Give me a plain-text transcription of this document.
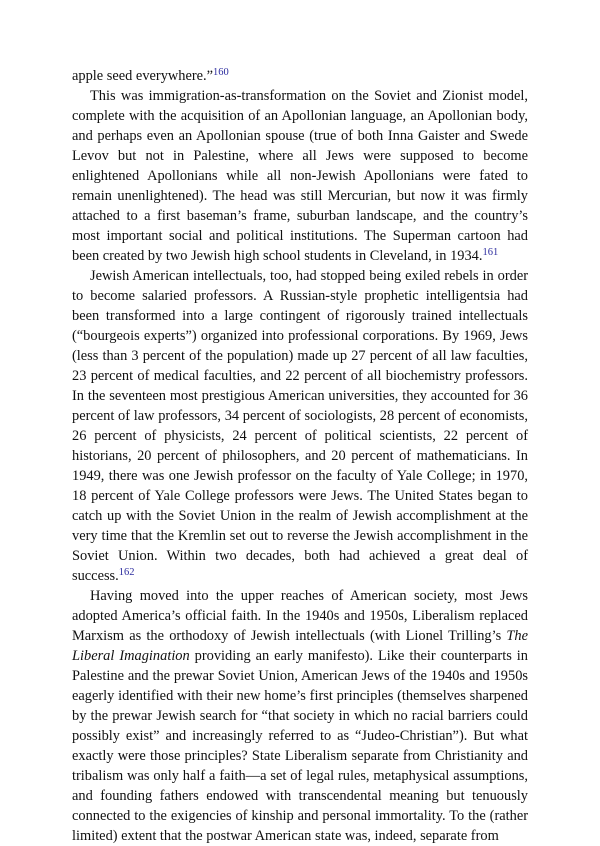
apple seed everywhere.”$^{160}$

This was immigration-as-transformation on the Soviet and Zionist model, complete with the acquisition of an Apollonian language, an Apollonian body, and perhaps even an Apollonian spouse (true of both Inna Gaister and Swede Levov but not in Palestine, where all Jews were supposed to become enlightened Apollonians while all non-Jewish Apollonians were fated to remain unenlightened). The head was still Mercurian, but now it was firmly attached to a first baseman’s frame, suburban landscape, and the country’s most important social and political institutions. The Superman cartoon had been created by two Jewish high school students in Cleveland, in 1934.$^{161}$

Jewish American intellectuals, too, had stopped being exiled rebels in order to become salaried professors. A Russian-style prophetic intelligentsia had been transformed into a large contingent of rigorously trained intellectuals (“bourgeois experts”) organized into professional corporations. By 1969, Jews (less than 3 percent of the population) made up 27 percent of all law faculties, 23 percent of medical faculties, and 22 percent of all biochemistry professors. In the seventeen most prestigious American universities, they accounted for 36 percent of law professors, 34 percent of sociologists, 28 percent of economists, 26 percent of physicists, 24 percent of political scientists, 22 percent of historians, 20 percent of philosophers, and 20 percent of mathematicians. In 1949, there was one Jewish professor on the faculty of Yale College; in 1970, 18 percent of Yale College professors were Jews. The United States began to catch up with the Soviet Union in the realm of Jewish accomplishment at the very time that the Kremlin set out to reverse the Jewish accomplishment in the Soviet Union. Within two decades, both had achieved a great deal of success.$^{162}$

Having moved into the upper reaches of American society, most Jews adopted America’s official faith. In the 1940s and 1950s, Liberalism replaced Marxism as the orthodoxy of Jewish intellectuals (with Lionel Trilling’s The Liberal Imagination providing an early manifesto). Like their counterparts in Palestine and the prewar Soviet Union, American Jews of the 1940s and 1950s eagerly identified with their new home’s first principles (themselves sharpened by the prewar Jewish search for “that society in which no racial barriers could possibly exist” and increasingly referred to as “Judeo-Christian”). But what exactly were those principles? State Liberalism separate from Christianity and tribalism was only half a faith—a set of legal rules, metaphysical assumptions, and founding fathers endowed with transcendental meaning but tenuously connected to the exigencies of kinship and personal immortality. To the (rather limited) extent that the postwar American state was, indeed, separate from
